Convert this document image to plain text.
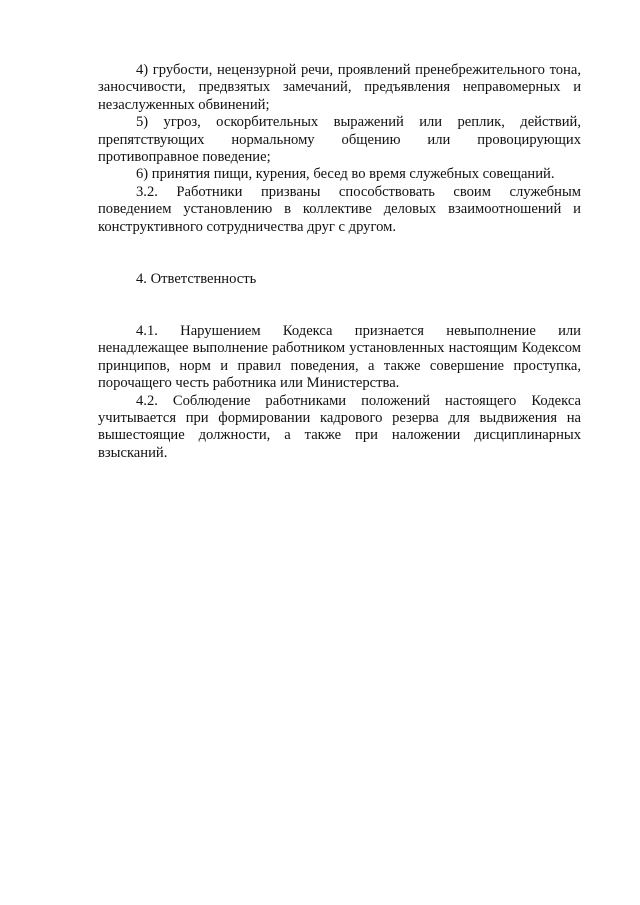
4) грубости, нецензурной речи, проявлений пренебрежительного тона, заносчивости, предвзятых замечаний, предъявления неправомерных и незаслуженных обвинений;

5) угроз, оскорбительных выражений или реплик, действий, препятствующих нормальному общению или провоцирующих противоправное поведение;

6) принятия пищи, курения, бесед во время служебных совещаний.

3.2. Работники призваны способствовать своим служебным поведением установлению в коллективе деловых взаимоотношений и конструктивного сотрудничества друг с другом.

4. Ответственность

4.1. Нарушением Кодекса признается невыполнение или ненадлежащее выполнение работником установленных настоящим Кодексом принципов, норм и правил поведения, а также совершение проступка, порочащего честь работника или Министерства.

4.2. Соблюдение работниками положений настоящего Кодекса учитывается при формировании кадрового резерва для выдвижения на вышестоящие должности, а также при наложении дисциплинарных взысканий.
